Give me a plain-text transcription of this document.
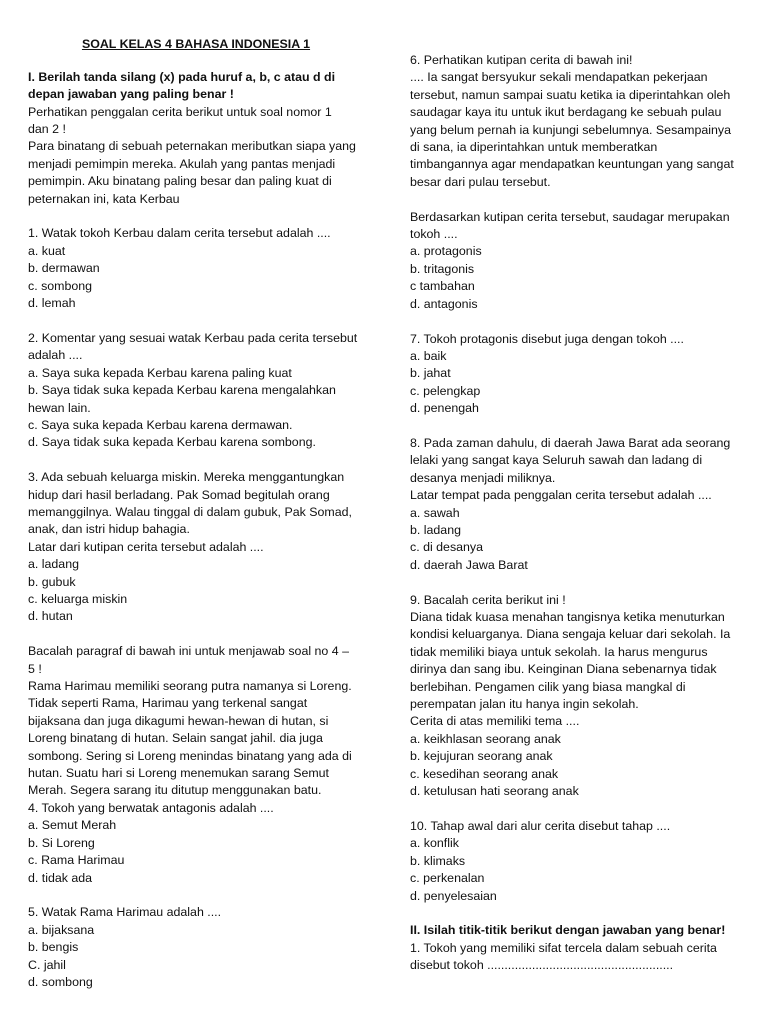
SOAL KELAS 4 BAHASA INDONESIA 1

I. Berilah tanda silang (x) pada huruf a, b, c atau d di
depan jawaban yang paling benar !
Perhatikan penggalan cerita berikut untuk soal nomor 1
dan 2 !
Para binatang di sebuah peternakan meributkan siapa yang
menjadi pemimpin mereka. Akulah yang pantas menjadi
pemimpin. Aku binatang paling besar dan paling kuat di
peternakan ini, kata Kerbau

1. Watak tokoh Kerbau dalam cerita tersebut adalah ....
a. kuat
b. dermawan
c. sombong
d. lemah

2. Komentar yang sesuai watak Kerbau pada cerita tersebut
adalah ....
a. Saya suka kepada Kerbau karena paling kuat
b. Saya tidak suka kepada Kerbau karena mengalahkan
hewan lain.
c. Saya suka kepada Kerbau karena dermawan.
d. Saya tidak suka kepada Kerbau karena sombong.

3. Ada sebuah keluarga miskin. Mereka menggantungkan
hidup dari hasil berladang. Pak Somad begitulah orang
memanggilnya. Walau tinggal di dalam gubuk, Pak Somad,
anak, dan istri hidup bahagia.
Latar dari kutipan cerita tersebut adalah ....
a. ladang
b. gubuk
c. keluarga miskin
d. hutan

Bacalah paragraf di bawah ini untuk menjawab soal no 4 –
5 !
Rama Harimau memiliki seorang putra namanya si Loreng.
Tidak seperti Rama, Harimau yang terkenal sangat
bijaksana dan juga dikagumi hewan-hewan di hutan, si
Loreng binatang di hutan. Selain sangat jahil. dia juga
sombong. Sering si Loreng menindas binatang yang ada di
hutan. Suatu hari si Loreng menemukan sarang Semut
Merah. Segera sarang itu ditutup menggunakan batu.
4. Tokoh yang berwatak antagonis adalah ....
a. Semut Merah
b. Si Loreng
c. Rama Harimau
d. tidak ada

5. Watak Rama Harimau adalah ....
a. bijaksana
b. bengis
C. jahil
d. sombong
6. Perhatikan kutipan cerita di bawah ini!
.... Ia sangat bersyukur sekali mendapatkan pekerjaan
tersebut, namun sampai suatu ketika ia diperintahkan oleh
saudagar kaya itu untuk ikut berdagang ke sebuah pulau
yang belum pernah ia kunjungi sebelumnya. Sesampainya
di sana, ia diperintahkan untuk memberatkan
timbangannya agar mendapatkan keuntungan yang sangat
besar dari pulau tersebut.

Berdasarkan kutipan cerita tersebut, saudagar merupakan
tokoh ....
a. protagonis
b. tritagonis
c tambahan
d. antagonis

7. Tokoh protagonis disebut juga dengan tokoh ....
a. baik
b. jahat
c. pelengkap
d. penengah

8. Pada zaman dahulu, di daerah Jawa Barat ada seorang
lelaki yang sangat kaya Seluruh sawah dan ladang di
desanya menjadi miliknya.
Latar tempat pada penggalan cerita tersebut adalah ....
a. sawah
b. ladang
c. di desanya
d. daerah Jawa Barat

9. Bacalah cerita berikut ini !
Diana tidak kuasa menahan tangisnya ketika menuturkan
kondisi keluarganya. Diana sengaja keluar dari sekolah. Ia
tidak memiliki biaya untuk sekolah. Ia harus mengurus
dirinya dan sang ibu. Keinginan Diana sebenarnya tidak
berlebihan. Pengamen cilik yang biasa mangkal di
perempatan jalan itu hanya ingin sekolah.
Cerita di atas memiliki tema ....
a. keikhlasan seorang anak
b. kejujuran seorang anak
c. kesedihan seorang anak
d. ketulusan hati seorang anak

10. Tahap awal dari alur cerita disebut tahap ....
a. konflik
b. klimaks
c. perkenalan
d. penyelesaian

II. Isilah titik-titik berikut dengan jawaban yang benar!
1. Tokoh yang memiliki sifat tercela dalam sebuah cerita
disebut tokoh ......................................................
